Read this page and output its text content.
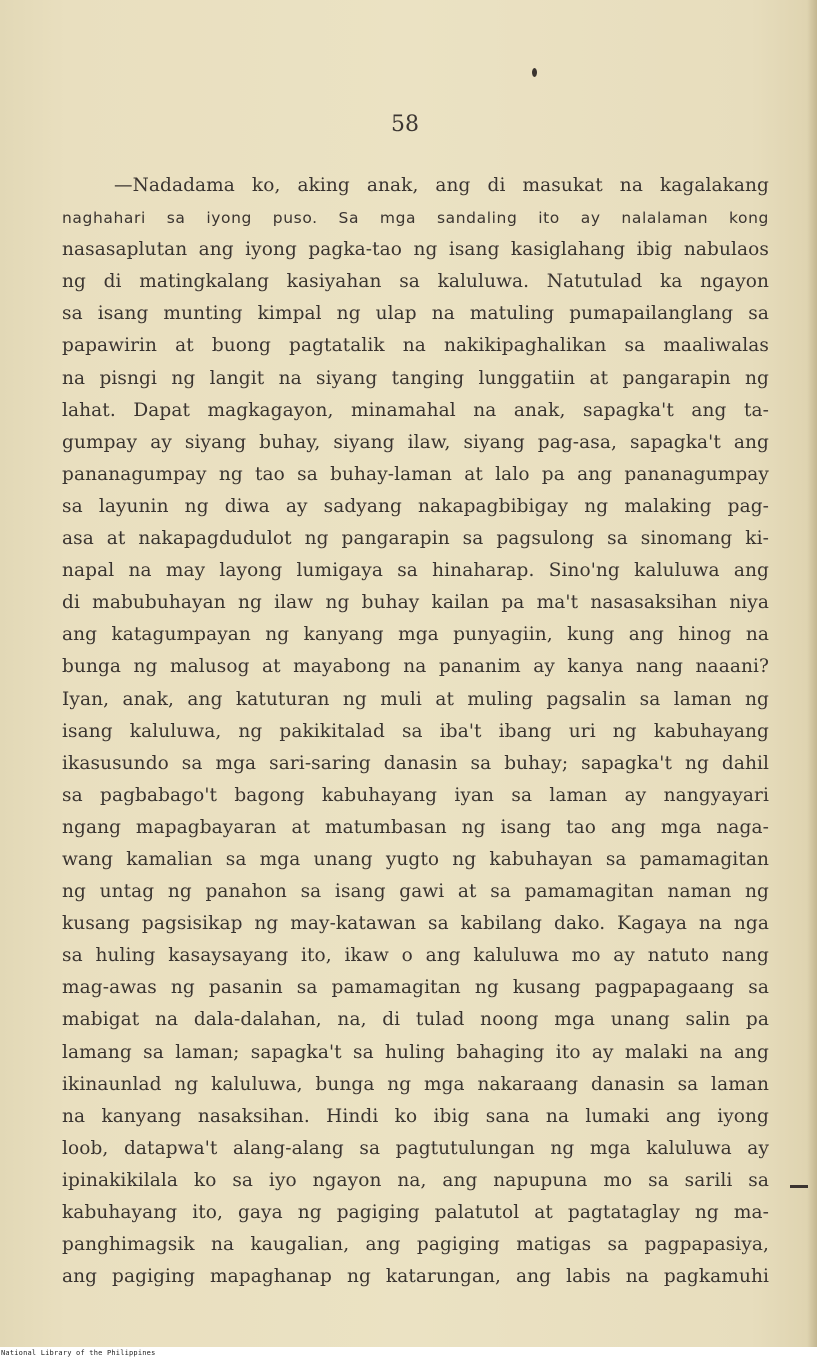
58
—Nadadama ko, aking anak, ang di masukat na kagalakang
naghahari sa iyong puso. Sa mga sandaling ito ay nalalaman kong
nasasaplutan ang iyong pagka-tao ng isang kasiglahang ibig nabulaos
ng di matingkalang kasiyahan sa kaluluwa. Natutulad ka ngayon
sa isang munting kimpal ng ulap na matuling pumapailanglang sa
papawirin at buong pagtatalik na nakikipaghalikan sa maaliwalas
na pisngi ng langit na siyang tanging lunggatiin at pangarapin ng
lahat. Dapat magkagayon, minamahal na anak, sapagka't ang ta-
gumpay ay siyang buhay, siyang ilaw, siyang pag-asa, sapagka't ang
pananagumpay ng tao sa buhay-laman at lalo pa ang pananagumpay
sa layunin ng diwa ay sadyang nakapagbibigay ng malaking pag-
asa at nakapagdudulot ng pangarapin sa pagsulong sa sinomang ki-
napal na may layong lumigaya sa hinaharap. Sino'ng kaluluwa ang
di mabubuhayan ng ilaw ng buhay kailan pa ma't nasasaksihan niya
ang katagumpayan ng kanyang mga punyagiin, kung ang hinog na
bunga ng malusog at mayabong na pananim ay kanya nang naaani?
Iyan, anak, ang katuturan ng muli at muling pagsalin sa laman ng
isang kaluluwa, ng pakikitalad sa iba't ibang uri ng kabuhayang
ikasusundo sa mga sari-saring danasin sa buhay; sapagka't ng dahil
sa pagbabago't bagong kabuhayang iyan sa laman ay nangyayari
ngang mapagbayaran at matumbasan ng isang tao ang mga naga-
wang kamalian sa mga unang yugto ng kabuhayan sa pamamagitan
ng untag ng panahon sa isang gawi at sa pamamagitan naman ng
kusang pagsisikap ng may-katawan sa kabilang dako. Kagaya na nga
sa huling kasaysayang ito, ikaw o ang kaluluwa mo ay natuto nang
mag-awas ng pasanin sa pamamagitan ng kusang pagpapagaang sa
mabigat na dala-dalahan, na, di tulad noong mga unang salin pa
lamang sa laman; sapagka't sa huling bahaging ito ay malaki na ang
ikinaunlad ng kaluluwa, bunga ng mga nakaraang danasin sa laman
na kanyang nasaksihan. Hindi ko ibig sana na lumaki ang iyong
loob, datapwa't alang-alang sa pagtutulungan ng mga kaluluwa ay
ipinakikilala ko sa iyo ngayon na, ang napupuna mo sa sarili sa
kabuhayang ito, gaya ng pagiging palatutol at pagtataglay ng ma-
panghimagsik na kaugalian, ang pagiging matigas sa pagpapasiya,
ang pagiging mapaghanap ng katarungan, ang labis na pagkamuhi
National Library of the Philippines
